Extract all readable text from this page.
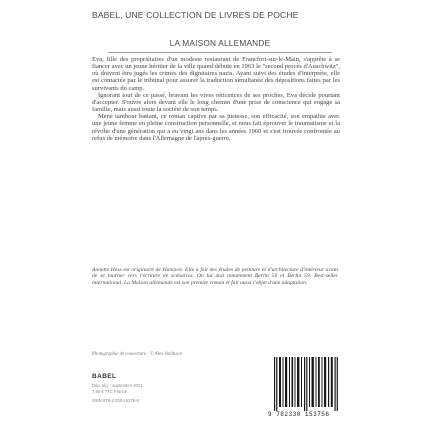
BABEL, UNE COLLECTION DE LIVRES DE POCHE
LA MAISON ALLEMANDE

Eva, fille des propriétaires d'un modeste restaurant de Francfort-sur-le-Main, s'apprête à se fiancer avec un jeune héritier de la ville quand débute en 1963 le "second procès d'Auschwitz", où doivent être jugés les crimes des dignitaires nazis. Ayant suivi des études d'interprète, elle est contactée par le tribunal pour assurer la traduction simultanée des dépositions faites par les survivants du camp.

Ignorant tout de ce passé, bravant les vives réticences de ses proches, Eva décide pourtant d'accepter. S'ouvre alors devant elle le long chemin d'une prise de conscience qui engage sa famille, mais aussi toute la société de son temps.

Mené tambour battant, ce roman captive par sa justesse, son efficacité, son empathie avec une jeune femme en pleine construction personnelle, et nous fait éprouver le traumatisme et la révolte d'une génération qui a eu vingt ans dans les années 1960 et s'est trouvée confrontée au refus de mémoire dans l'Allemagne de l'après-guerre.

Annette Hess est originaire de Hanovre. Elle a fait des études de peinture et d'architecture d'intérieur avant de se tourner vers l'écriture de scénarios. On lui doit notamment Berlin 56 et Berlin 59. Best-seller international, La Maison allemande est son premier roman et fait aussi l'objet d'une adaptation.
Photographie de couverture : © Alex Smithson
BABEL
Dép. lég. : septembre 2021
7,90 € TTC France
ISBN 978-2-330-15375-6
9 782330 153756
